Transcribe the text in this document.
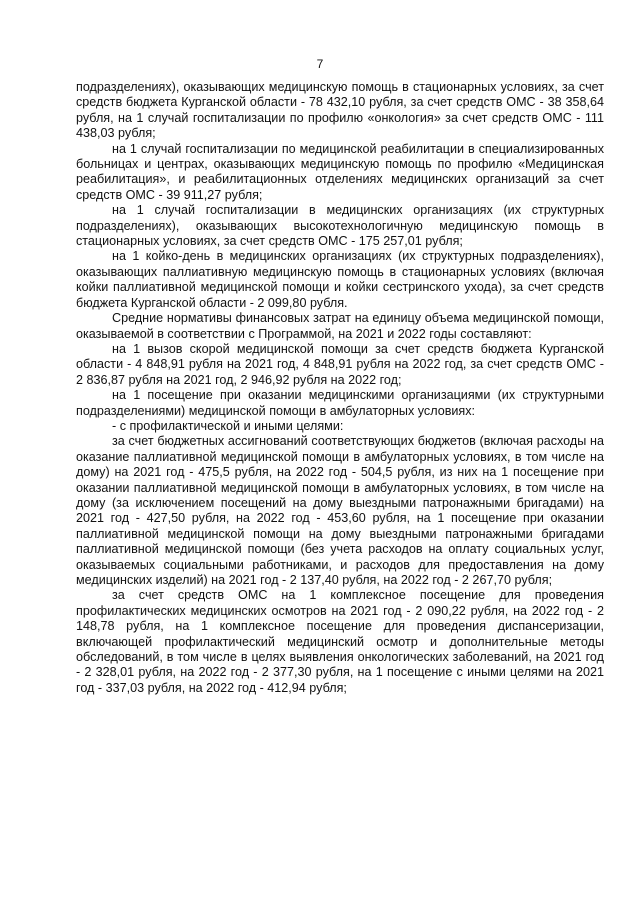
7

подразделениях), оказывающих медицинскую помощь в стационарных условиях, за счет средств бюджета Курганской области - 78 432,10 рубля, за счет средств ОМС - 38 358,64 рубля, на 1 случай госпитализации по профилю «онкология» за счет средств ОМС - 111 438,03 рубля;

на 1 случай госпитализации по медицинской реабилитации в специализированных больницах и центрах, оказывающих медицинскую помощь по профилю «Медицинская реабилитация», и реабилитационных отделениях медицинских организаций за счет средств ОМС - 39 911,27 рубля;

на 1 случай госпитализации в медицинских организациях (их структурных подразделениях), оказывающих высокотехнологичную медицинскую помощь в стационарных условиях, за счет средств ОМС - 175 257,01 рубля;

на 1 койко-день в медицинских организациях (их структурных подразделениях), оказывающих паллиативную медицинскую помощь в стационарных условиях (включая койки паллиативной медицинской помощи и койки сестринского ухода), за счет средств бюджета Курганской области - 2 099,80 рубля.

Средние нормативы финансовых затрат на единицу объема медицинской помощи, оказываемой в соответствии с Программой, на 2021 и 2022 годы составляют:

на 1 вызов скорой медицинской помощи за счет средств бюджета Курганской области - 4 848,91 рубля на 2021 год, 4 848,91 рубля на 2022 год, за счет средств ОМС - 2 836,87 рубля на 2021 год, 2 946,92 рубля на 2022 год;

на 1 посещение при оказании медицинскими организациями (их структурными подразделениями) медицинской помощи в амбулаторных условиях:

- с профилактической и иными целями:

за счет бюджетных ассигнований соответствующих бюджетов (включая расходы на оказание паллиативной медицинской помощи в амбулаторных условиях, в том числе на дому) на 2021 год - 475,5 рубля, на 2022 год - 504,5 рубля, из них на 1 посещение при оказании паллиативной медицинской помощи в амбулаторных условиях, в том числе на дому (за исключением посещений на дому выездными патронажными бригадами) на 2021 год - 427,50 рубля, на 2022 год - 453,60 рубля, на 1 посещение при оказании паллиативной медицинской помощи на дому выездными патронажными бригадами паллиативной медицинской помощи (без учета расходов на оплату социальных услуг, оказываемых социальными работниками, и расходов для предоставления на дому медицинских изделий) на 2021 год - 2 137,40 рубля, на 2022 год - 2 267,70 рубля;

за счет средств ОМС на 1 комплексное посещение для проведения профилактических медицинских осмотров на 2021 год - 2 090,22 рубля, на 2022 год - 2 148,78 рубля, на 1 комплексное посещение для проведения диспансеризации, включающей профилактический медицинский осмотр и дополнительные методы обследований, в том числе в целях выявления онкологических заболеваний, на 2021 год - 2 328,01 рубля, на 2022 год - 2 377,30 рубля, на 1 посещение с иными целями на 2021 год - 337,03 рубля, на 2022 год - 412,94 рубля;
